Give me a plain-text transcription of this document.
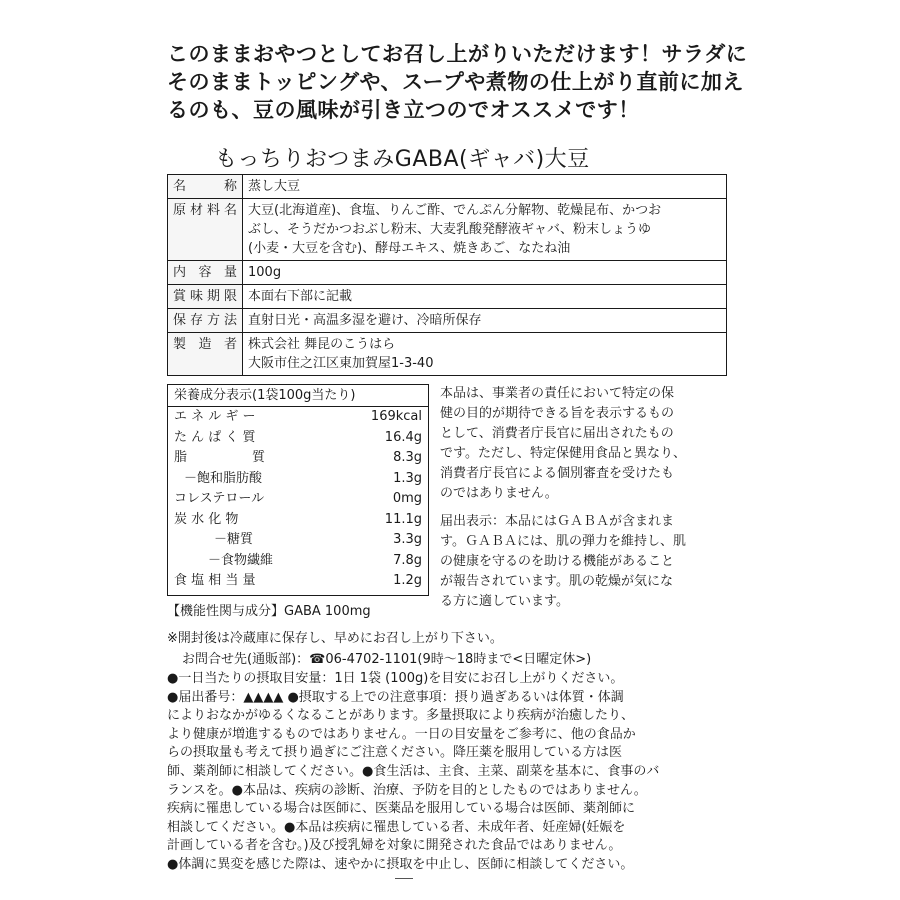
このままおやつとしてお召し上がりいただけます！サラダに
そのままトッピングや、スープや煮物の仕上がり直前に加え
るのも、豆の風味が引き立つのでオススメです！
もっちりおつまみGABA(ギャバ)大豆
名称	蒸し大豆

原材料名	大豆(北海道産)、食塩、りんご酢、でんぷん分解物、乾燥昆布、かつお
ぶし、そうだかつおぶし粉末、大麦乳酸発酵液ギャバ、粉末しょうゆ
(小麦・大豆を含む)、酵母エキス、焼きあご、なたね油

内容量	100g

賞味期限	本面右下部に記載

保存方法	直射日光・高温多湿を避け、冷暗所保存

製造者	株式会社 舞昆のこうはら
大阪市住之江区東加賀屋1-3-40
栄養成分表示(1袋100g当たり)
エ ネ ル ギ ー	169kcal
た ん ぱ く 質	16.4g
脂　　　　　質	8.3g
－飽和脂肪酸	1.3g
コレステロール	0mg
炭 水 化 物	11.1g
－糖質	3.3g
－食物繊維	7.8g
食 塩 相 当 量	1.2g

本品は、事業者の責任において特定の保
健の目的が期待できる旨を表示するもの
として、消費者庁長官に届出されたもの
です。ただし、特定保健用食品と異なり、
消費者庁長官による個別審査を受けたも
のではありません。

届出表示：本品にはＧＡＢＡが含まれま
す。ＧＡＢＡには、肌の弾力を維持し、肌
の健康を守るのを助ける機能があること
が報告されています。肌の乾燥が気にな
る方に適しています。

【機能性関与成分】GABA 100mg
※開封後は冷蔵庫に保存し、早めにお召し上がり下さい。
お問合せ先(通販部)：☎06-4702-1101(9時～18時まで<日曜定休>)
●一日当たりの摂取目安量：1日 1袋 (100g)を目安にお召し上がりください。
●届出番号：▲▲▲▲ ●摂取する上での注意事項：摂り過ぎあるいは体質・体調
によりおなかがゆるくなることがあります。多量摂取により疾病が治癒したり、
より健康が増進するものではありません。一日の目安量をご参考に、他の食品か
らの摂取量も考えて摂り過ぎにご注意ください。降圧薬を服用している方は医
師、薬剤師に相談してください。●食生活は、主食、主菜、副菜を基本に、食事のバ
ランスを。●本品は、疾病の診断、治療、予防を目的としたものではありません。
疾病に罹患している場合は医師に、医薬品を服用している場合は医師、薬剤師に
相談してください。●本品は疾病に罹患している者、未成年者、妊産婦(妊娠を
計画している者を含む。)及び授乳婦を対象に開発された食品ではありません。
●体調に異変を感じた際は、速やかに摂取を中止し、医師に相談してください。
